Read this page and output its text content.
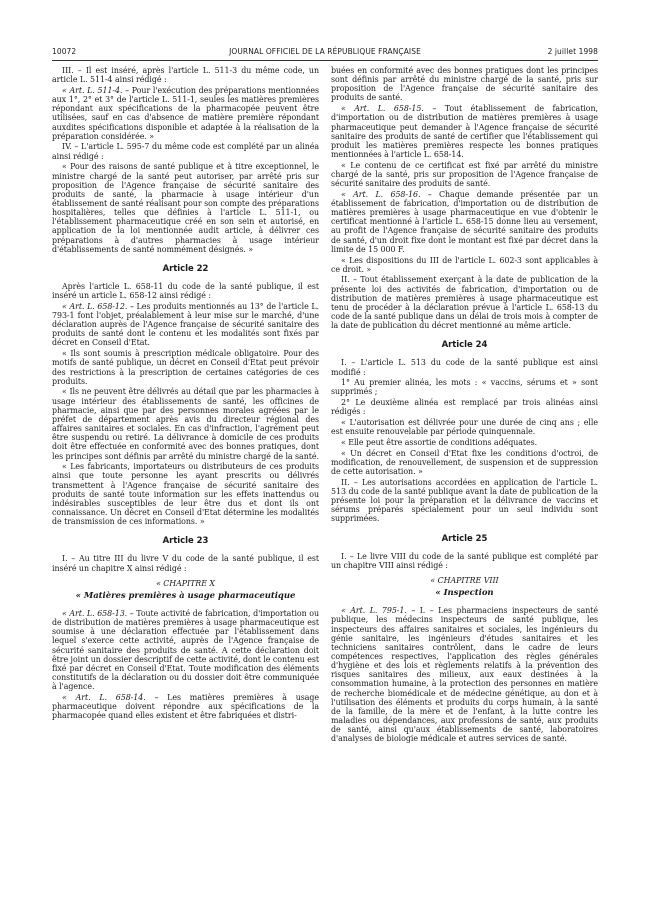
10072	JOURNAL OFFICIEL DE LA RÉPUBLIQUE FRANÇAISE	2 juillet 1998

III. – Il est inséré, après l'article L. 511-3 du même code, un article L. 511-4 ainsi rédigé :

« Art. L. 511-4. – Pour l'exécution des préparations mentionnées aux 1°, 2° et 3° de l'article L. 511-1, seules les matières premières répondant aux spécifications de la pharmacopée peuvent être utilisées, sauf en cas d'absence de matière première répondant auxdites spécifications disponible et adaptée à la réalisation de la préparation considérée. »

IV. – L'article L. 595-7 du même code est complété par un alinéa ainsi rédigé :

« Pour des raisons de santé publique et à titre exceptionnel, le ministre chargé de la santé peut autoriser, par arrêté pris sur proposition de l'Agence française de sécurité sanitaire des produits de santé, la pharmacie à usage intérieur d'un établissement de santé réalisant pour son compte des préparations hospitalières, telles que définies à l'article L. 511-1, ou l'établissement pharmaceutique créé en son sein et autorisé, en application de la loi mentionnée audit article, à délivrer ces préparations à d'autres pharmacies à usage intérieur d'établissements de santé nommément désignés. »

Article 22

Après l'article L. 658-11 du code de la santé publique, il est inséré un article L. 658-12 ainsi rédigé :

« Art. L. 658-12. – Les produits mentionnés au 13° de l'article L. 793-1 font l'objet, préalablement à leur mise sur le marché, d'une déclaration auprès de l'Agence française de sécurité sanitaire des produits de santé dont le contenu et les modalités sont fixés par décret en Conseil d'Etat.

« Ils sont soumis à prescription médicale obligatoire. Pour des motifs de santé publique, un décret en Conseil d'Etat peut prévoir des restrictions à la prescription de certaines catégories de ces produits.

« Ils ne peuvent être délivrés au détail que par les pharmacies à usage intérieur des établissements de santé, les officines de pharmacie, ainsi que par des personnes morales agréées par le préfet de département après avis du directeur régional des affaires sanitaires et sociales. En cas d'infraction, l'agrément peut être suspendu ou retiré. La délivrance à domicile de ces produits doit être effectuée en conformité avec des bonnes pratiques, dont les principes sont définis par arrêté du ministre chargé de la santé.

« Les fabricants, importateurs ou distributeurs de ces produits ainsi que toute personne les ayant prescrits ou délivrés transmettent à l'Agence française de sécurité sanitaire des produits de santé toute information sur les effets inattendus ou indésirables susceptibles de leur être dus et dont ils ont connaissance. Un décret en Conseil d'Etat détermine les modalités de transmission de ces informations. »

Article 23

I. – Au titre III du livre V du code de la santé publique, il est inséré un chapitre X ainsi rédigé :

« CHAPITRE X

« Matières premières à usage pharmaceutique

« Art. L. 658-13. – Toute activité de fabrication, d'importation ou de distribution de matières premières à usage pharmaceutique est soumise à une déclaration effectuée par l'établissement dans lequel s'exerce cette activité, auprès de l'Agence française de sécurité sanitaire des produits de santé. A cette déclaration doit être joint un dossier descriptif de cette activité, dont le contenu est fixé par décret en Conseil d'Etat. Toute modification des éléments constitutifs de la déclaration ou du dossier doit être communiquée à l'agence.

« Art. L. 658-14. – Les matières premières à usage pharmaceutique doivent répondre aux spécifications de la pharmacopée quand elles existent et être fabriquées et distri-

buées en conformité avec des bonnes pratiques dont les principes sont définis par arrêté du ministre chargé de la santé, pris sur proposition de l'Agence française de sécurité sanitaire des produits de santé.

« Art. L. 658-15. – Tout établissement de fabrication, d'importation ou de distribution de matières premières à usage pharmaceutique peut demander à l'Agence française de sécurité sanitaire des produits de santé de certifier que l'établissement qui produit les matières premières respecte les bonnes pratiques mentionnées à l'article L. 658-14.

« Le contenu de ce certificat est fixé par arrêté du ministre chargé de la santé, pris sur proposition de l'Agence française de sécurité sanitaire des produits de santé.

« Art. L. 658-16. – Chaque demande présentée par un établissement de fabrication, d'importation ou de distribution de matières premières à usage pharmaceutique en vue d'obtenir le certificat mentionné à l'article L. 658-15 donne lieu au versement, au profit de l'Agence française de sécurité sanitaire des produits de santé, d'un droit fixe dont le montant est fixé par décret dans la limite de 15 000 F.

« Les dispositions du III de l'article L. 602-3 sont applicables à ce droit. »

II. – Tout établissement exerçant à la date de publication de la présente loi des activités de fabrication, d'importation ou de distribution de matières premières à usage pharmaceutique est tenu de procéder à la déclaration prévue à l'article L. 658-13 du code de la santé publique dans un délai de trois mois à compter de la date de publication du décret mentionné au même article.

Article 24

I. – L'article L. 513 du code de la santé publique est ainsi modifié :

1° Au premier alinéa, les mots : « vaccins, sérums et » sont supprimés ;

2° Le deuxième alinéa est remplacé par trois alinéas ainsi rédigés :

« L'autorisation est délivrée pour une durée de cinq ans ; elle est ensuite renouvelable par période quinquennale.

« Elle peut être assortie de conditions adéquates.

« Un décret en Conseil d'Etat fixe les conditions d'octroi, de modification, de renouvellement, de suspension et de suppression de cette autorisation. »

II. – Les autorisations accordées en application de l'article L. 513 du code de la santé publique avant la date de publication de la présente loi pour la préparation et la délivrance de vaccins et sérums préparés spécialement pour un seul individu sont supprimées.

Article 25

I. – Le livre VIII du code de la santé publique est complété par un chapitre VIII ainsi rédigé :

« CHAPITRE VIII

« Inspection

« Art. L. 795-1. – I. – Les pharmaciens inspecteurs de santé publique, les médecins inspecteurs de santé publique, les inspecteurs des affaires sanitaires et sociales, les ingénieurs du génie sanitaire, les ingénieurs d'études sanitaires et les techniciens sanitaires contrôlent, dans le cadre de leurs compétences respectives, l'application des règles générales d'hygiène et des lois et règlements relatifs à la prévention des risques sanitaires des milieux, aux eaux destinées à la consommation humaine, à la protection des personnes en matière de recherche biomédicale et de médecine génétique, au don et à l'utilisation des éléments et produits du corps humain, à la santé de la famille, de la mère et de l'enfant, à la lutte contre les maladies ou dépendances, aux professions de santé, aux produits de santé, ainsi qu'aux établissements de santé, laboratoires d'analyses de biologie médicale et autres services de santé.
